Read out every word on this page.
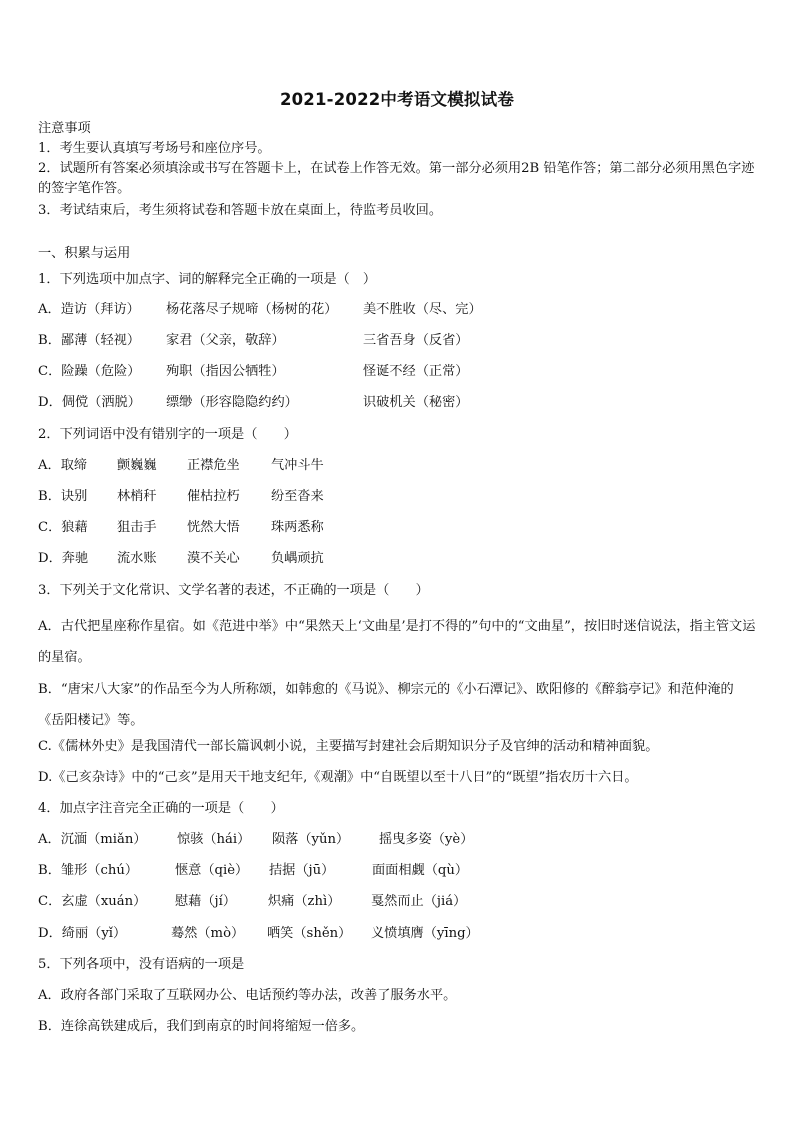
2021-2022中考语文模拟试卷
注意事项
1．考生要认真填写考场号和座位序号。
2．试题所有答案必须填涂或书写在答题卡上，在试卷上作答无效。第一部分必须用2B 铅笔作答；第二部分必须用黑色字迹的签字笔作答。
3．考试结束后，考生须将试卷和答题卡放在桌面上，待监考员收回。
一、积累与运用
1．下列选项中加点字、词的解释完全正确的一项是（　）
A．造访（拜访） 杨花落尽子规啼（杨树的花） 美不胜收（尽、完）
B．鄙薄（轻视） 家君（父亲，敬辞）	三省吾身（反省）
C．险躁（危险） 殉职（指因公牺牲）	怪诞不经（正常）
D．倜傥（洒脱） 缥缈（形容隐隐约约）	识破机关（秘密）
2．下列词语中没有错别字的一项是（　　）
A．取缔 颤巍巍 正襟危坐 气冲斗牛
B．诀别 林梢秆 催枯拉朽 纷至沓来
C．狼藉 狙击手 恍然大悟 珠两悉称
D．奔驰 流水账 漠不关心 负嵎顽抗
3．下列关于文化常识、文学名著的表述，不正确的一项是（　　）
A．古代把星座称作星宿。如《范进中举》中“果然天上‘文曲星’是打不得的”句中的“文曲星”，按旧时迷信说法，指主管文运的星宿。
B．“唐宋八大家”的作品至今为人所称颂，如韩愈的《马说》、柳宗元的《小石潭记》、欧阳修的《醉翁亭记》和范仲淹的《岳阳楼记》等。
C.《儒林外史》是我国清代一部长篇讽刺小说，主要描写封建社会后期知识分子及官绅的活动和精神面貌。
D.《己亥杂诗》中的“己亥”是用天干地支纪年,《观潮》中“自既望以至十八日”的“既望”指农历十六日。
4．加点字注音完全正确的一项是（　　）
A．沉湎（miǎn） 惊骇（hái） 陨落（yǔn） 摇曳多姿（yè）
B．雏形（chú）	惬意（qiè） 拮据（jū）	面面相觑（qù）
C．玄虚（xuán） 慰藉（jí） 炽痛（zhì） 戛然而止（jiá）
D．绮丽（yǐ）	蓦然（mò） 哂笑（shěn） 义愤填膺（yīng）
5．下列各项中，没有语病的一项是
A．政府各部门采取了互联网办公、电话预约等办法，改善了服务水平。
B．连徐高铁建成后，我们到南京的时间将缩短一倍多。
